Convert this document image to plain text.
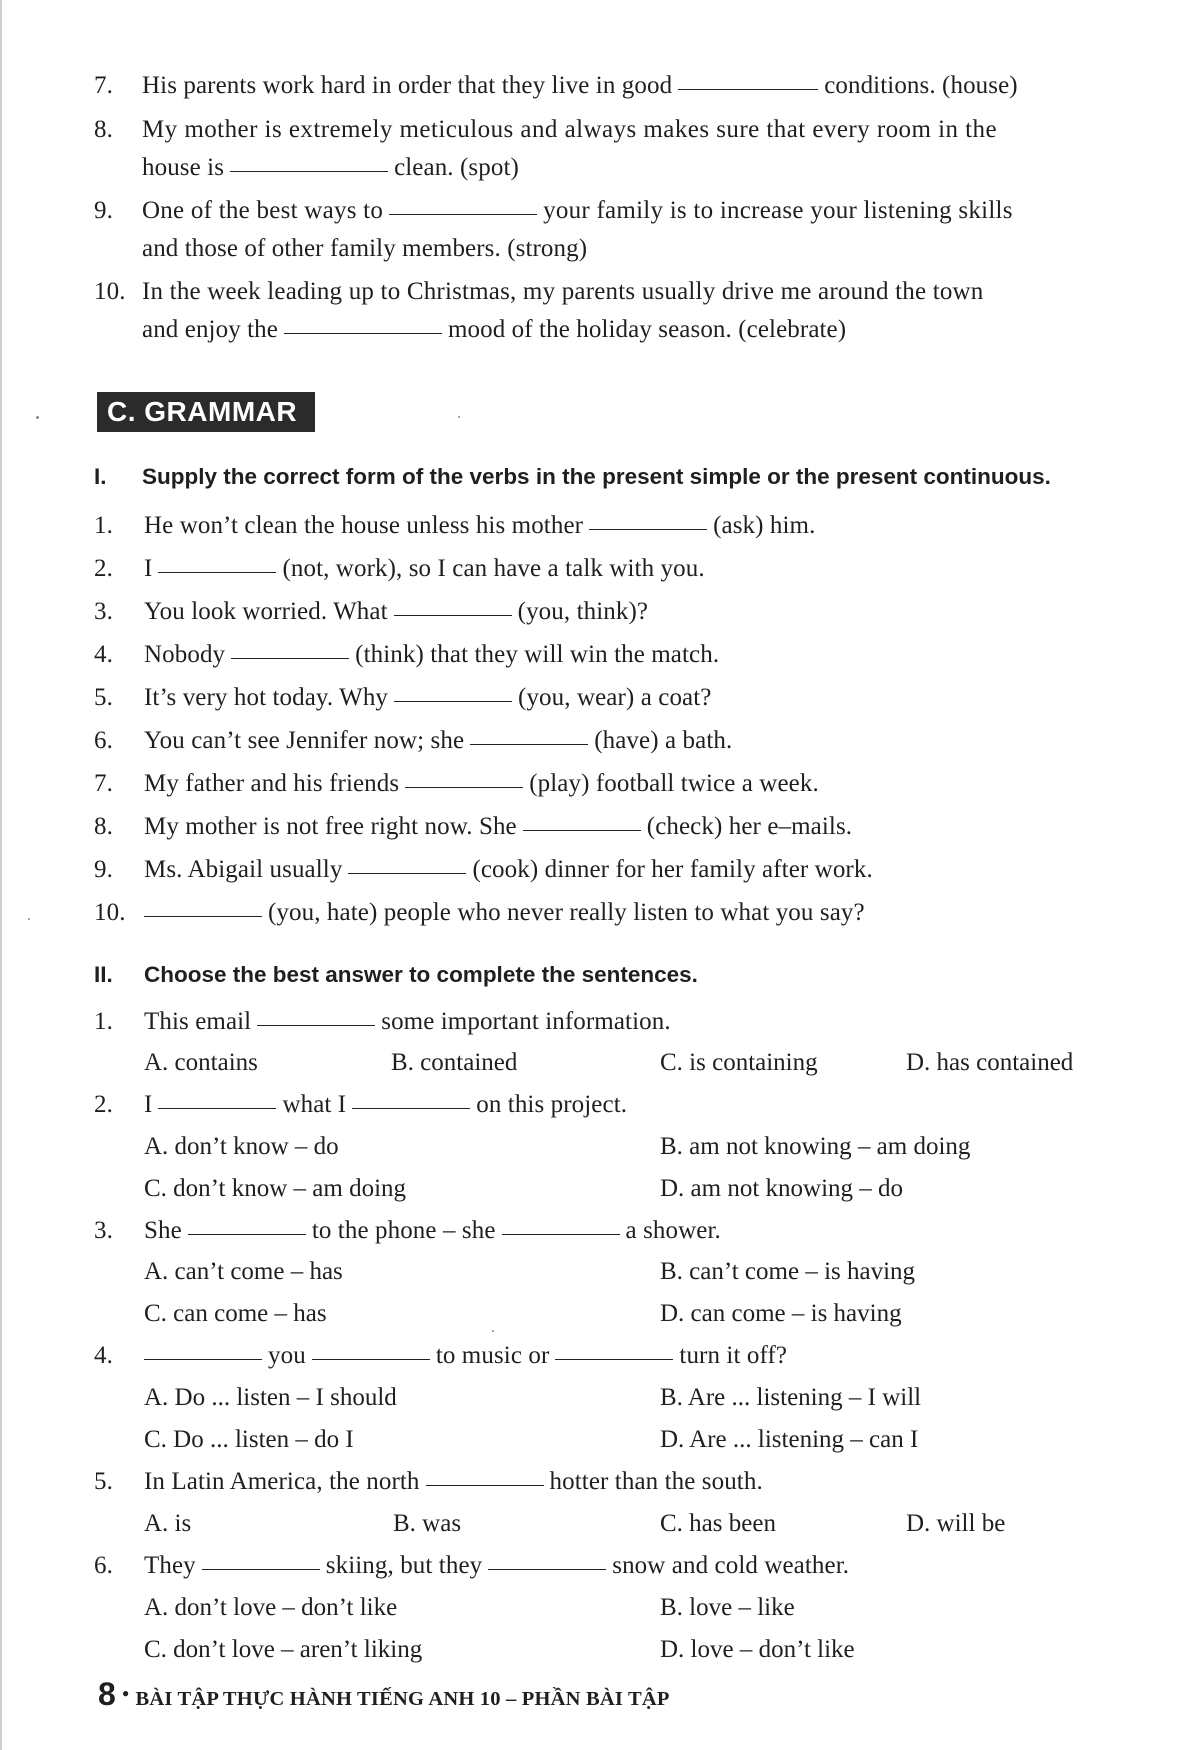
7. His parents work hard in order that they live in good	conditions. (house)
8. My mother is extremely meticulous and always makes sure that every room in the
house is	clean. (spot)
9. One of the best ways to	your family is to increase your listening skills
and those of other family members. (strong)
10. In the week leading up to Christmas, my parents usually drive me around the town
and enjoy the	mood of the holiday season. (celebrate)
C. GRAMMAR
I. Supply the correct form of the verbs in the present simple or the present continuous.
1. He won’t clean the house unless his mother	(ask) him.
2. I	(not, work), so I can have a talk with you.
3. You look worried. What	(you, think)?
4. Nobody	(think) that they will win the match.
5. It’s very hot today. Why	(you, wear) a coat?
6. You can’t see Jennifer now; she	(have) a bath.
7. My father and his friends	(play) football twice a week.
8. My mother is not free right now. She	(check) her e–mails.
9. Ms. Abigail usually	(cook) dinner for her family after work.
10.	(you, hate) people who never really listen to what you say?
II. Choose the best answer to complete the sentences.
1. This email	some important information.
A. contains	B. contained	C. is containing	D. has contained
2. I	what I	on this project.
A. don’t know – do	B. am not knowing – am doing
C. don’t know – am doing	D. am not knowing – do
3. She	to the phone – she	a shower.
A. can’t come – has	B. can’t come – is having
C. can come – has	D. can come – is having
4.	you	to music or	turn it off?
A. Do ... listen – I should	B. Are ... listening – I will
C. Do ... listen – do I	D. Are ... listening – can I
5. In Latin America, the north	hotter than the south.
A. is	B. was	C. has been	D. will be
6. They	skiing, but they	snow and cold weather.
A. don’t love – don’t like	B. love – like
C. don’t love – aren’t liking	D. love – don’t like
8 • BÀI TẬP THỰC HÀNH TIẾNG ANH 10 – PHẦN BÀI TẬP
